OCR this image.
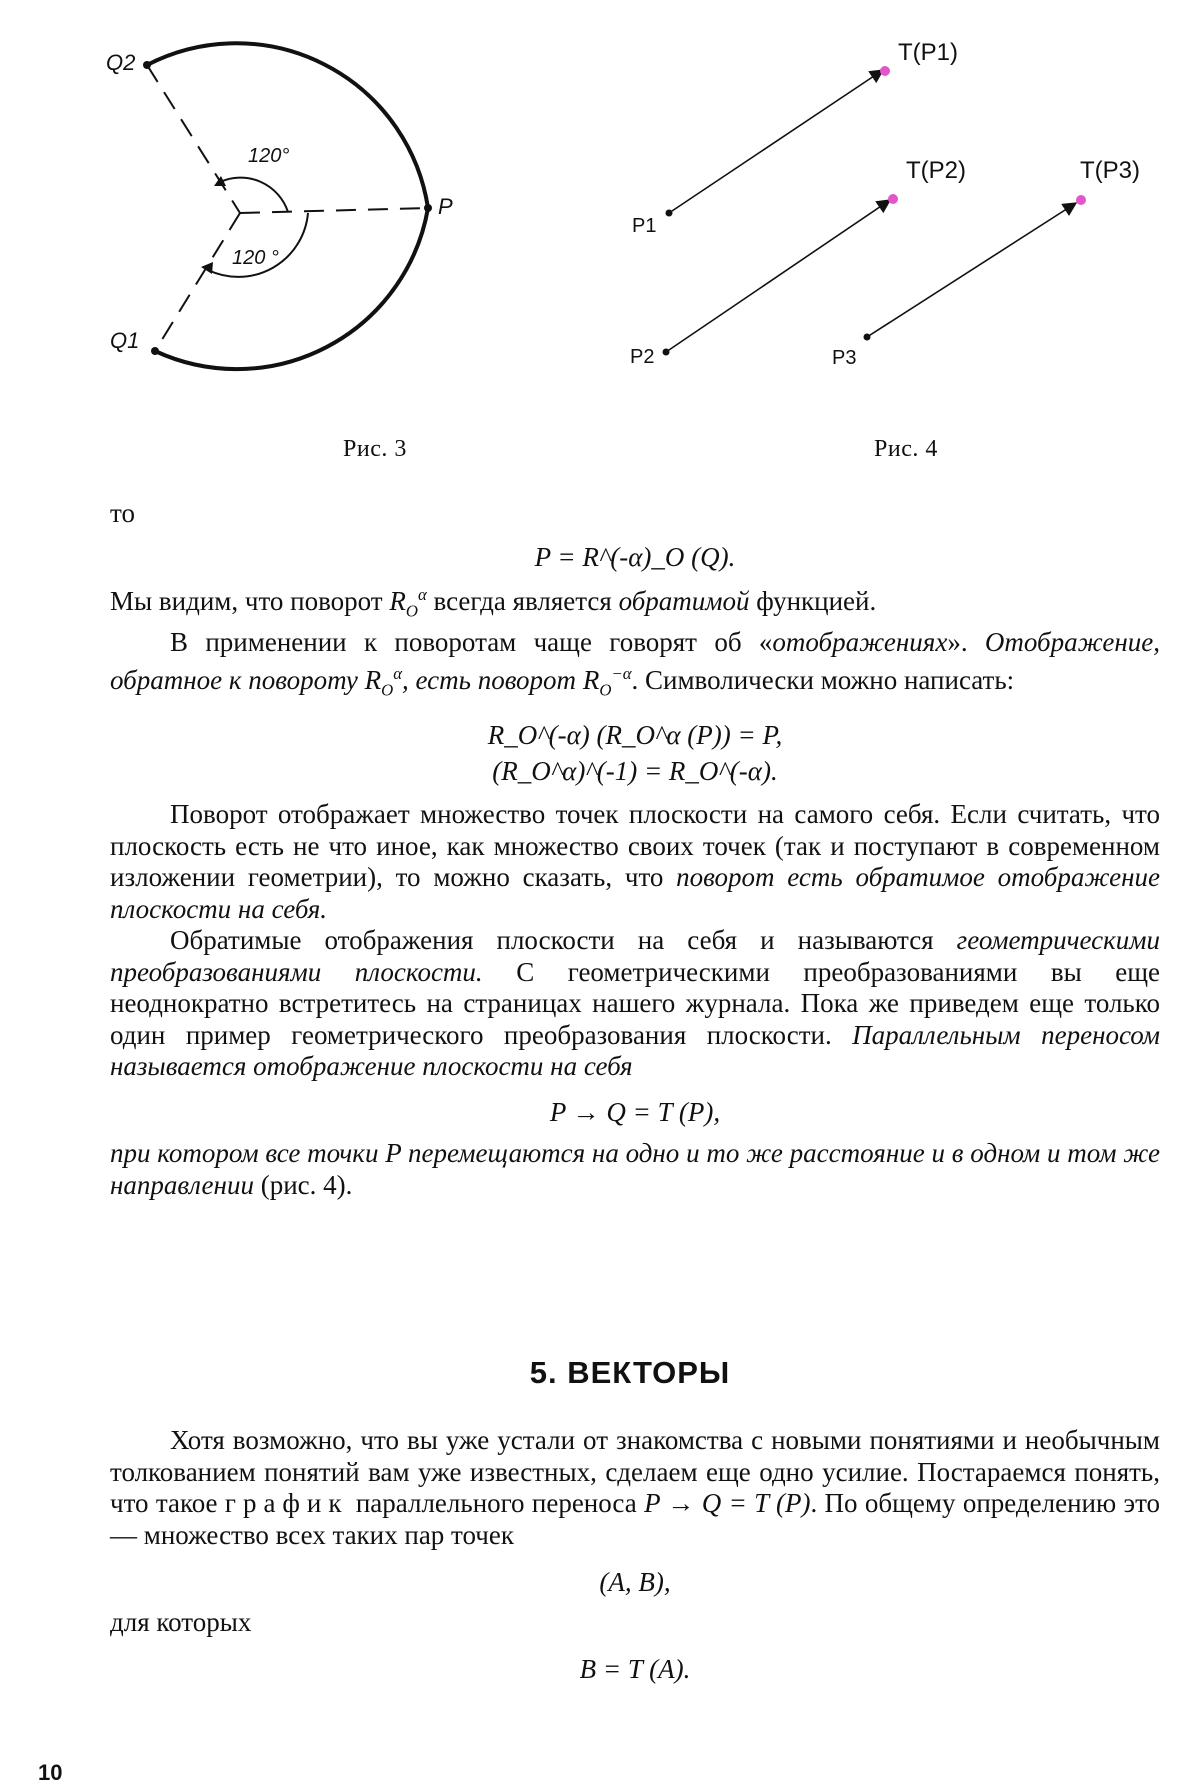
Q2
Q1
P
120°
120 °
Рис. 3
P1
P2	P3
T(P1)
T(P2)	T(P3)
Рис. 4

то

P = R^(-α)_O (Q).

Мы видим, что поворот $R_O^\alpha$ всегда является обратимой функцией.

В применении к поворотам чаще говорят об «отображениях». Отображение, обратное к повороту $R_O^\alpha$, есть поворот $R_O^{-\alpha}$. Символически можно написать:

R_O^(-α) (R_O^α (P)) = P,

(R_O^α)^(-1) = R_O^(-α).

Поворот отображает множество точек плоскости на самого себя. Если считать, что плоскость есть не что иное, как множество своих точек (так и поступают в современном изложении геометрии), то можно сказать, что поворот есть обратимое отображение плоскости на себя.

Обратимые отображения плоскости на себя и называются геометрическими преобразованиями плоскости. С геометрическими преобразованиями вы еще неоднократно встретитесь на страницах нашего журнала. Пока же приведем еще только один пример геометрического преобразования плоскости. Параллельным переносом называется отображение плоскости на себя

P → Q = T (P),

при котором все точки P перемещаются на одно и то же расстояние и в одном и том же направлении (рис. 4).

5. ВЕКТОРЫ

Хотя возможно, что вы уже устали от знакомства с новыми понятиями и необычным толкованием понятий вам уже известных, сделаем еще одно усилие. Постараемся понять, что такое график параллельного переноса P → Q = T (P). По общему определению это — множество всех таких пар точек

(A, B),

для которых

B = T (A).

10
